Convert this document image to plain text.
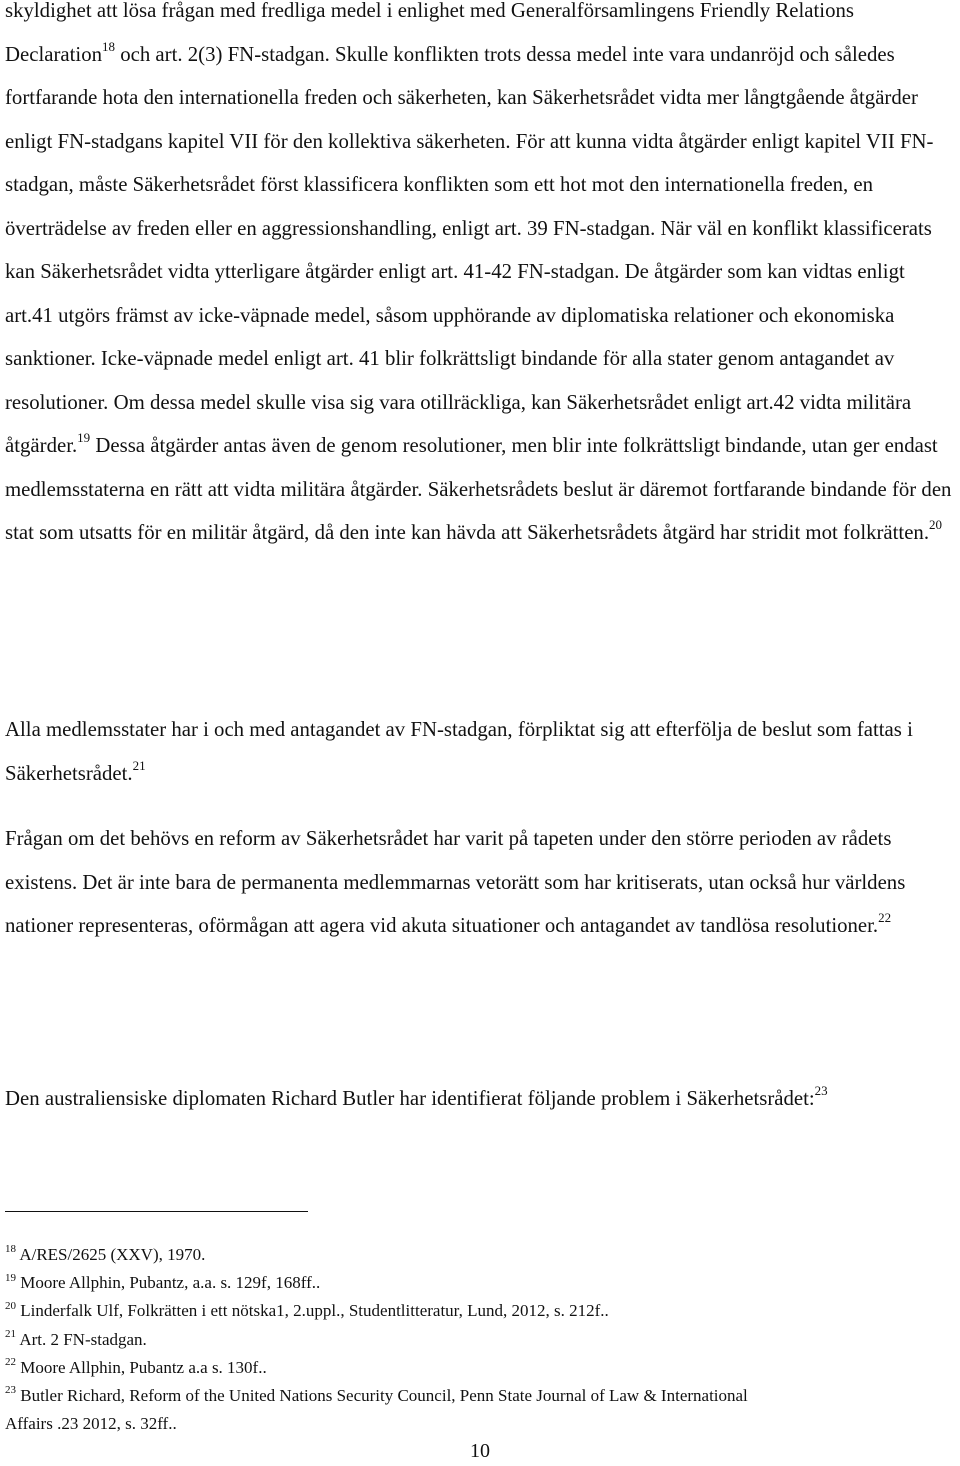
skyldighet att lösa frågan med fredliga medel i enlighet med Generalförsamlingens Friendly Relations Declaration$^{18}$ och art. 2(3) FN-stadgan. Skulle konflikten trots dessa medel inte vara undanröjd och således fortfarande hota den internationella freden och säkerheten, kan Säkerhetsrådet vidta mer långtgående åtgärder enligt FN-stadgans kapitel VII för den kollektiva säkerheten. För att kunna vidta åtgärder enligt kapitel VII FN-stadgan, måste Säkerhetsrådet först klassificera konflikten som ett hot mot den internationella freden, en överträdelse av freden eller en aggressionshandling, enligt art. 39 FN-stadgan. När väl en konflikt klassificerats kan Säkerhetsrådet vidta ytterligare åtgärder enligt art. 41-42 FN-stadgan. De åtgärder som kan vidtas enligt art.41 utgörs främst av icke-väpnade medel, såsom upphörande av diplomatiska relationer och ekonomiska sanktioner. Icke-väpnade medel enligt art. 41 blir folkrättsligt bindande för alla stater genom antagandet av resolutioner. Om dessa medel skulle visa sig vara otillräckliga, kan Säkerhetsrådet enligt art.42 vidta militära åtgärder.$^{19}$ Dessa åtgärder antas även de genom resolutioner, men blir inte folkrättsligt bindande, utan ger endast medlemsstaterna en rätt att vidta militära åtgärder. Säkerhetsrådets beslut är däremot fortfarande bindande för den stat som utsatts för en militär åtgärd, då den inte kan hävda att Säkerhetsrådets åtgärd har stridit mot folkrätten.$^{20}$

Alla medlemsstater har i och med antagandet av FN-stadgan, förpliktat sig att efterfölja de beslut som fattas i Säkerhetsrådet.$^{21}$

Frågan om det behövs en reform av Säkerhetsrådet har varit på tapeten under den större perioden av rådets existens. Det är inte bara de permanenta medlemmarnas vetorätt som har kritiserats, utan också hur världens nationer representeras, oförmågan att agera vid akuta situationer och antagandet av tandlösa resolutioner.$^{22}$

Den australiensiske diplomaten Richard Butler har identifierat följande problem i Säkerhetsrådet:$^{23}$

$^{18}$ A/RES/2625 (XXV), 1970.

$^{19}$ Moore Allphin, Pubantz, a.a. s. 129f, 168ff..

$^{20}$ Linderfalk Ulf, Folkrätten i ett nötska1, 2.uppl., Studentlitteratur, Lund, 2012, s. 212f..

$^{21}$ Art. 2 FN-stadgan.

$^{22}$ Moore Allphin, Pubantz a.a s. 130f..

$^{23}$ Butler Richard, Reform of the United Nations Security Council, Penn State Journal of Law & International

Affairs .23 2012, s. 32ff..

10
